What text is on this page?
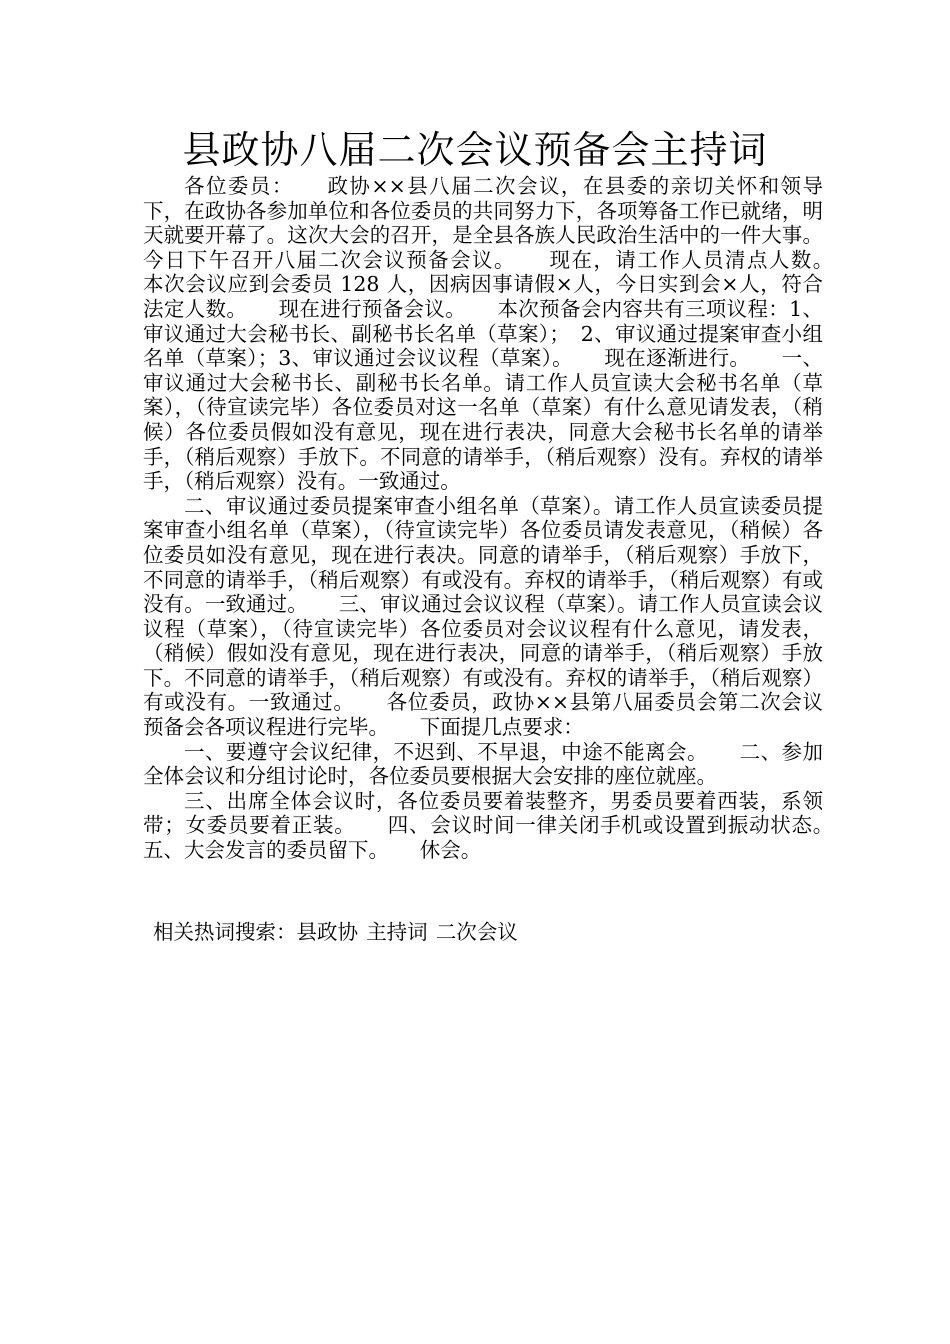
县政协八届二次会议预备会主持词

各位委员：　　政协××县八届二次会议，在县委的亲切关怀和领导下，在政协各参加单位和各位委员的共同努力下，各项筹备工作已就绪，明天就要开幕了。这次大会的召开，是全县各族人民政治生活中的一件大事。今日下午召开八届二次会议预备会议。　　现在，请工作人员清点人数。　　本次会议应到会委员 128 人，因病因事请假×人，今日实到会×人，符合法定人数。　　现在进行预备会议。　　本次预备会内容共有三项议程：1、审议通过大会秘书长、副秘书长名单（草案）；　2、审议通过提案审查小组名单（草案）；3、审议通过会议议程（草案）。　　现在逐渐进行。　　一、审议通过大会秘书长、副秘书长名单。请工作人员宣读大会秘书名单（草案），（待宣读完毕）各位委员对这一名单（草案）有什么意见请发表，（稍候）各位委员假如没有意见，现在进行表决，同意大会秘书长名单的请举手，（稍后观察）手放下。不同意的请举手，（稍后观察）没有。弃权的请举手，（稍后观察）没有。一致通过。

二、审议通过委员提案审查小组名单（草案）。请工作人员宣读委员提案审查小组名单（草案），（待宣读完毕）各位委员请发表意见，（稍候）各位委员如没有意见，现在进行表决。同意的请举手，（稍后观察）手放下，不同意的请举手，（稍后观察）有或没有。弃权的请举手，（稍后观察）有或没有。一致通过。　　三、审议通过会议议程（草案）。请工作人员宣读会议议程（草案），（待宣读完毕）各位委员对会议议程有什么意见，请发表，（稍候）假如没有意见，现在进行表决，同意的请举手，（稍后观察）手放下。不同意的请举手，（稍后观察）有或没有。弃权的请举手，（稍后观察）有或没有。一致通过。　　各位委员，政协××县第八届委员会第二次会议预备会各项议程进行完毕。　　下面提几点要求：

一、要遵守会议纪律，不迟到、不早退，中途不能离会。　　二、参加全体会议和分组讨论时，各位委员要根据大会安排的座位就座。

三、出席全体会议时，各位委员要着装整齐，男委员要着西装，系领带；女委员要着正装。　　四、会议时间一律关闭手机或设置到振动状态。　　五、大会发言的委员留下。　　休会。

相关热词搜索：县政协 主持词 二次会议
